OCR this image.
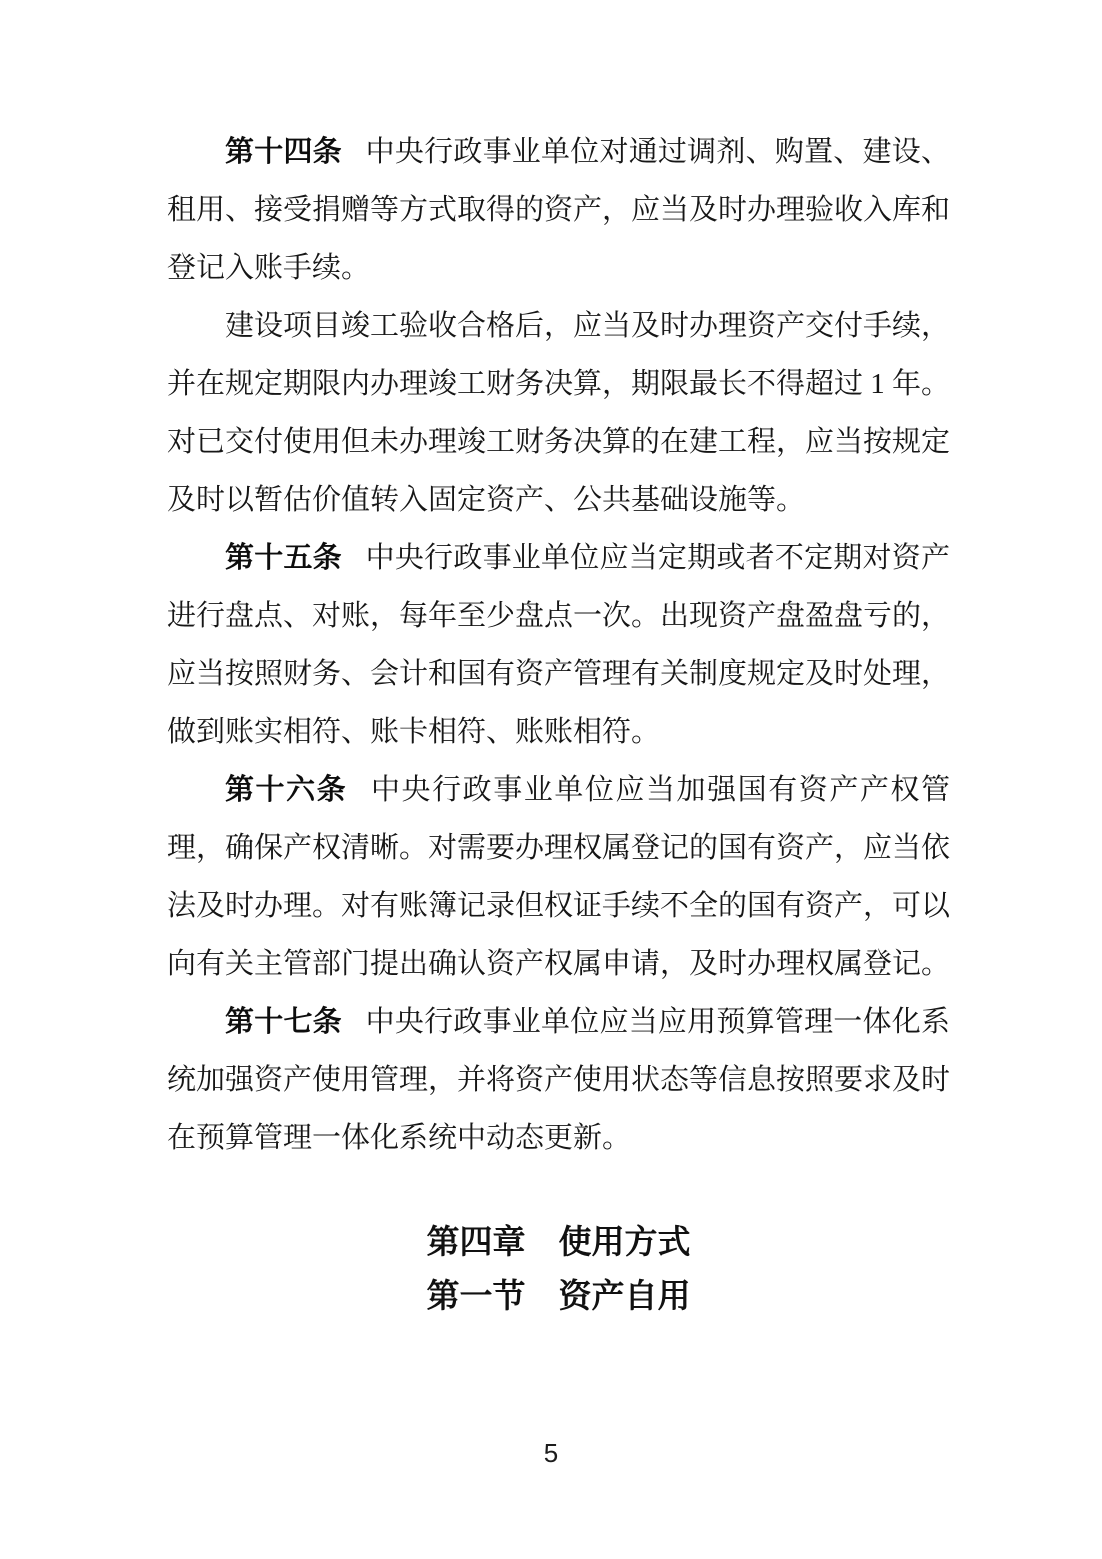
第十四条 中央行政事业单位对通过调剂、购置、建设、租用、接受捐赠等方式取得的资产，应当及时办理验收入库和登记入账手续。

建设项目竣工验收合格后，应当及时办理资产交付手续，并在规定期限内办理竣工财务决算，期限最长不得超过 1 年。对已交付使用但未办理竣工财务决算的在建工程，应当按规定及时以暂估价值转入固定资产、公共基础设施等。

第十五条 中央行政事业单位应当定期或者不定期对资产进行盘点、对账，每年至少盘点一次。出现资产盘盈盘亏的，应当按照财务、会计和国有资产管理有关制度规定及时处理，做到账实相符、账卡相符、账账相符。

第十六条 中央行政事业单位应当加强国有资产产权管理，确保产权清晰。对需要办理权属登记的国有资产，应当依法及时办理。对有账簿记录但权证手续不全的国有资产，可以向有关主管部门提出确认资产权属申请，及时办理权属登记。

第十七条 中央行政事业单位应当应用预算管理一体化系统加强资产使用管理，并将资产使用状态等信息按照要求及时在预算管理一体化系统中动态更新。

第四章　使用方式
第一节　资产自用
5
